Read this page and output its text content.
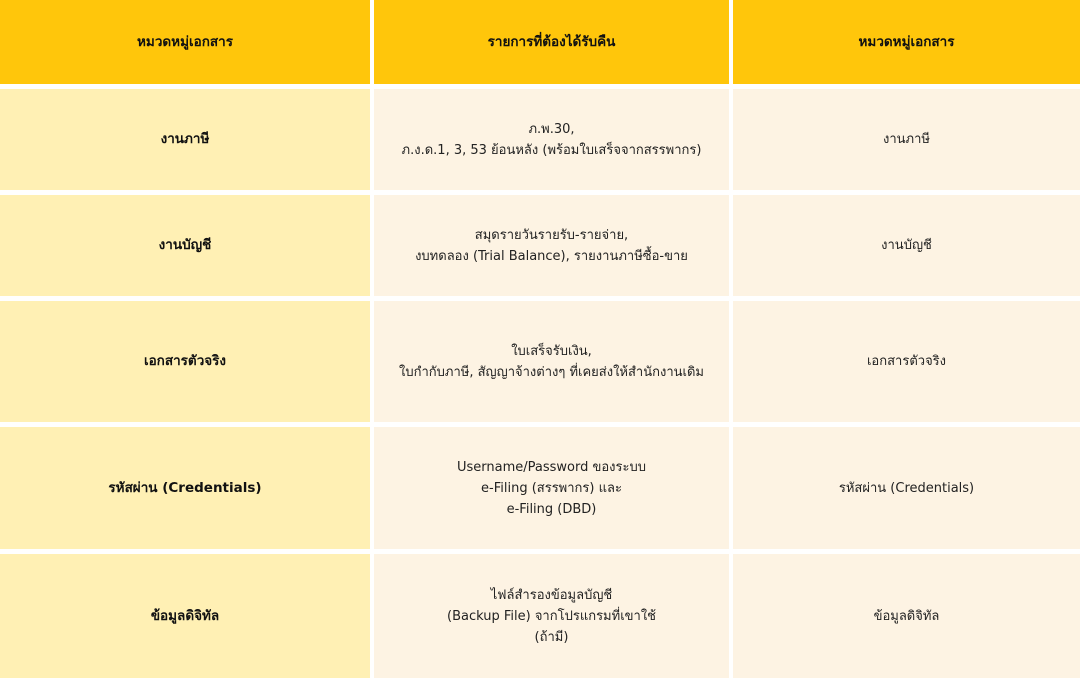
หมวดหมู่เอกสาร	รายการที่ต้องได้รับคืน	หมวดหมู่เอกสาร
งานภาษี
ภ.พ.30,
ภ.ง.ด.1, 3, 53 ย้อนหลัง (พร้อมใบเสร็จจากสรรพากร)
งานภาษี
งานบัญชี
สมุดรายวันรายรับ-รายจ่าย,
งบทดลอง (Trial Balance), รายงานภาษีซื้อ-ขาย
งานบัญชี
เอกสารตัวจริง
ใบเสร็จรับเงิน,
ใบกำกับภาษี, สัญญาจ้างต่างๆ ที่เคยส่งให้สำนักงานเดิม
เอกสารตัวจริง
รหัสผ่าน (Credentials)
Username/Password ของระบบ
e-Filing (สรรพากร) และ
e-Filing (DBD)
รหัสผ่าน (Credentials)
ข้อมูลดิจิทัล
ไฟล์สำรองข้อมูลบัญชี
(Backup File) จากโปรแกรมที่เขาใช้
(ถ้ามี)
ข้อมูลดิจิทัล
